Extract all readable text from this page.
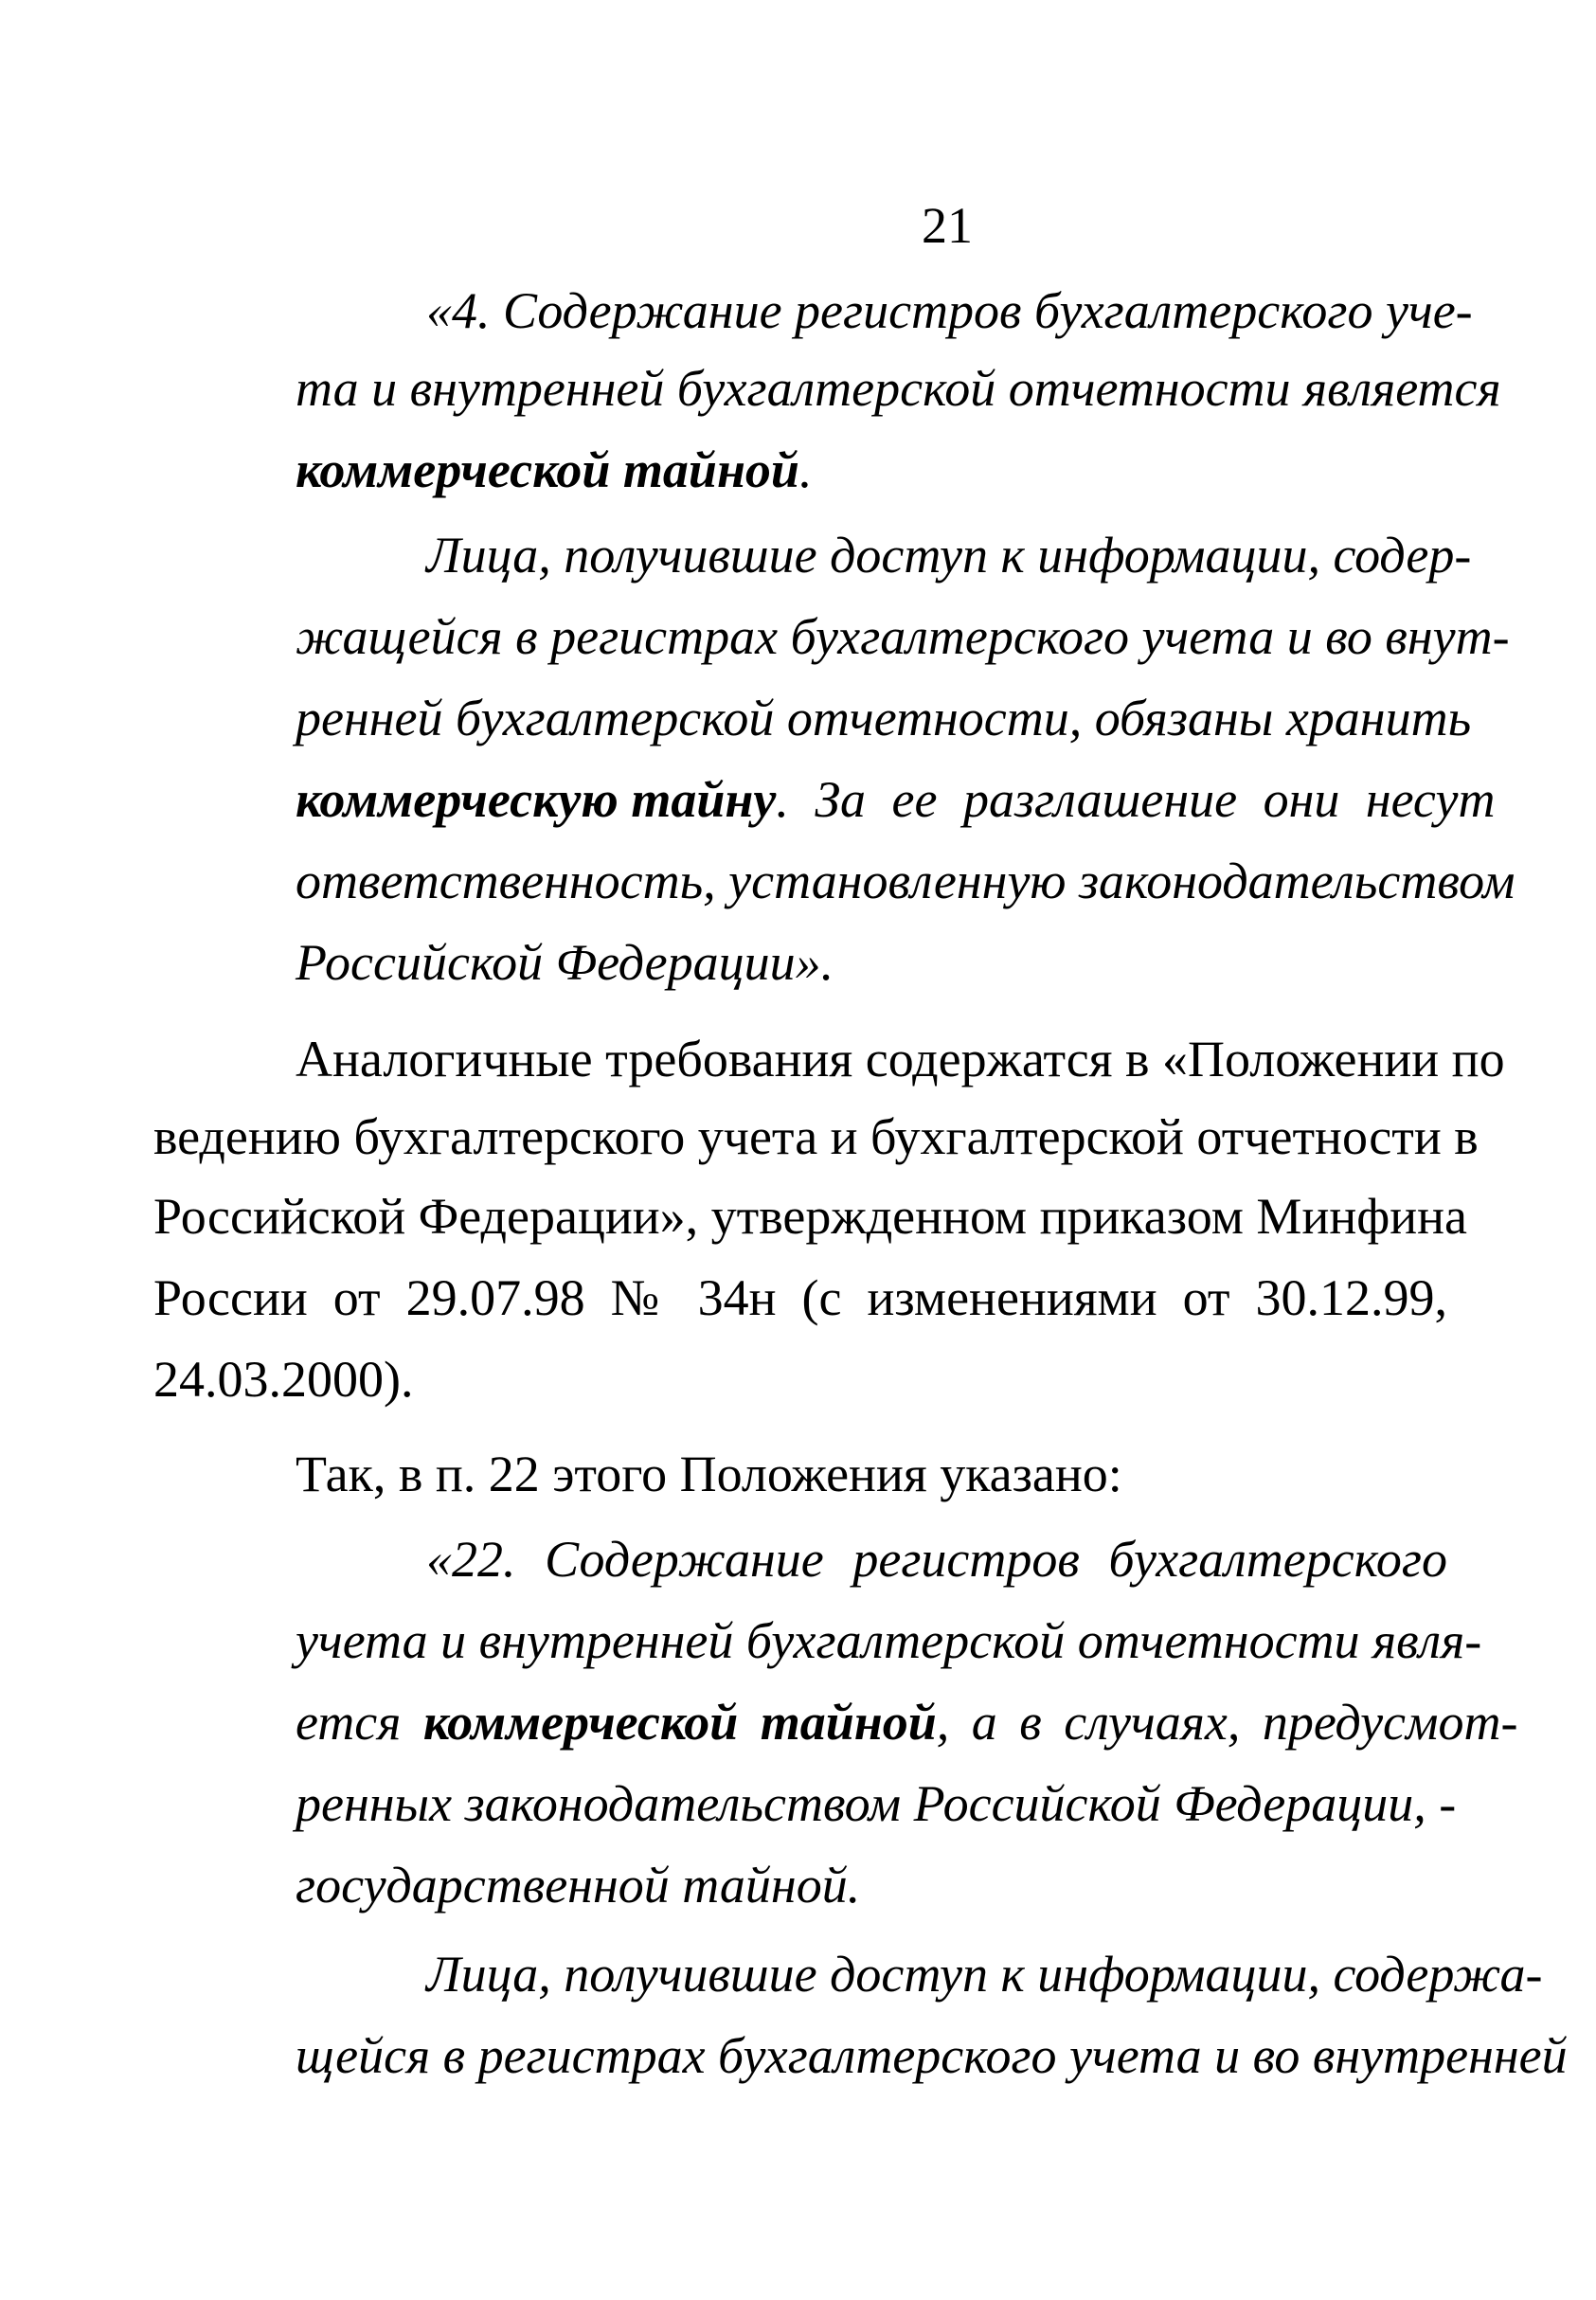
21
«4. Содержание регистров бухгалтерского уче-
та и внутренней бухгалтерской отчетности является
коммерческой тайной.
Лица, получившие доступ к информации, содер-
жащейся в регистрах бухгалтерского учета и во внут-
ренней бухгалтерской отчетности, обязаны хранить
коммерческую тайну. За ее разглашение они несут
ответственность, установленную законодательством
Российской Федерации».
Аналогичные требования содержатся в «Положении по
ведению бухгалтерского учета и бухгалтерской отчетности в
Российской Федерации», утвержденном приказом Минфина
России от 29.07.98 № 34н (с изменениями от 30.12.99,
24.03.2000).
Так, в п. 22 этого Положения указано:
«22. Содержание регистров бухгалтерского
учета и внутренней бухгалтерской отчетности явля-
ется коммерческой тайной, а в случаях, предусмот-
ренных законодательством Российской Федерации, -
государственной тайной.
Лица, получившие доступ к информации, содержа-
щейся в регистрах бухгалтерского учета и во внутренней
